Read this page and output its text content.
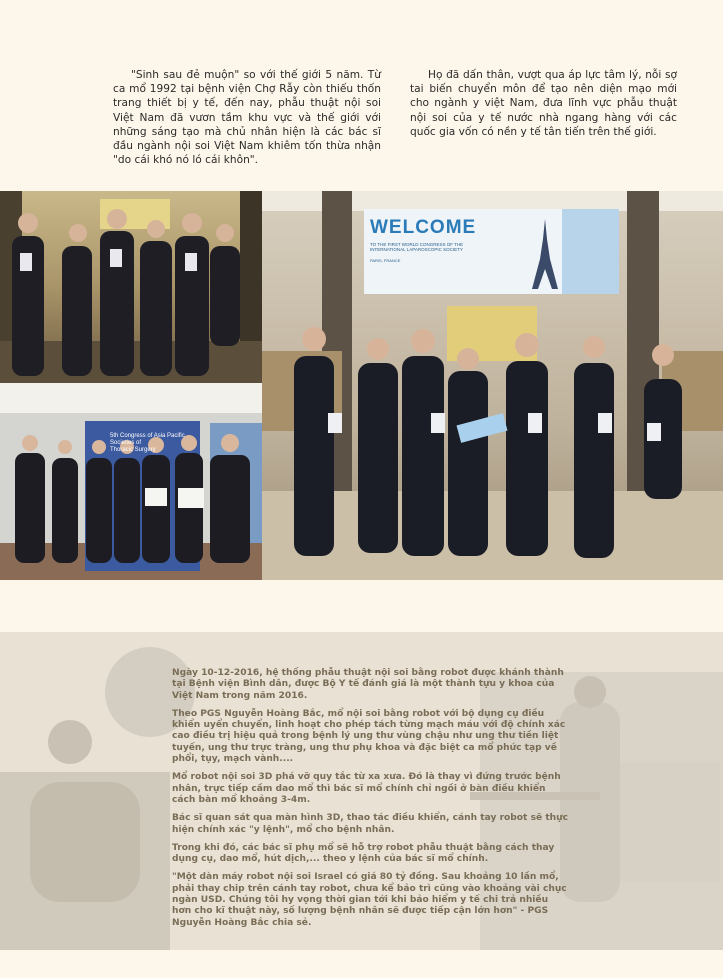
"Sinh sau đẻ muộn" so với thế giới 5 năm. Từ ca mổ 1992 tại bệnh viện Chợ Rẫy còn thiếu thốn trang thiết bị y tế, đến nay, phẫu thuật nội soi Việt Nam đã vươn tầm khu vực và thế giới với những sáng tạo mà chủ nhân hiện là các bác sĩ đầu ngành nội soi Việt Nam khiêm tốn thừa nhận "do cái khó nó ló cái khôn".

Họ đã dấn thân, vượt qua áp lực tâm lý, nỗi sợ tai biến chuyển môn để tạo nên diện mạo mới cho ngành y việt Nam, đưa lĩnh vực phẫu thuật nội soi của y tế nước nhà ngang hàng với các quốc gia vốn có nền y tế tân tiến trên thế giới.

5th Congress of Asia Pacific Societies of
Thoracic Surgery
WELCOME
TO THE FIRST WORLD CONGRESS OF THE
INTERNATIONAL LAPAROSCOPIC SOCIETY
PARIS, FRANCE

Ngày 10-12-2016, hệ thống phẫu thuật nội soi bằng robot được khánh thành tại Bệnh viện Bình dân, được Bộ Y tế đánh giá là một thành tựu y khoa của Việt Nam trong năm 2016.

Theo PGS Nguyễn Hoàng Bắc, mổ nội soi bằng robot với bộ dụng cụ điều khiển uyển chuyển, linh hoạt cho phép tách từng mạch máu với độ chính xác cao điều trị hiệu quả trong bệnh lý ung thư vùng chậu như ung thư tiền liệt tuyến, ung thư trực tràng, ung thư phụ khoa và đặc biệt ca mổ phức tạp về phổi, tụy, mạch vành....

Mổ robot nội soi 3D phá vỡ quy tắc từ xa xưa. Đó là thay vì đứng trước bệnh nhân, trực tiếp cầm dao mổ thì bác sĩ mổ chính chỉ ngồi ở bàn điều khiển cách bàn mổ khoảng 3-4m.

Bác sĩ quan sát qua màn hình 3D, thao tác điều khiển, cánh tay robot sẽ thực hiện chính xác "y lệnh", mổ cho bệnh nhân.

Trong khi đó, các bác sĩ phụ mổ sẽ hỗ trợ robot phẫu thuật bằng cách thay dụng cụ, dao mổ, hút dịch,... theo y lệnh của bác sĩ mổ chính.

"Một dàn máy robot nội soi Israel có giá 80 tỷ đồng. Sau khoảng 10 lần mổ, phải thay chip trên cánh tay robot, chưa kể bảo trì cũng vào khoảng vài chục ngàn USD. Chúng tôi hy vọng thời gian tới khi bảo hiểm y tế chi trả nhiều hơn cho kĩ thuật này, số lượng bệnh nhân sẽ được tiếp cận lớn hơn" - PGS Nguyễn Hoàng Bắc chia sẻ.
